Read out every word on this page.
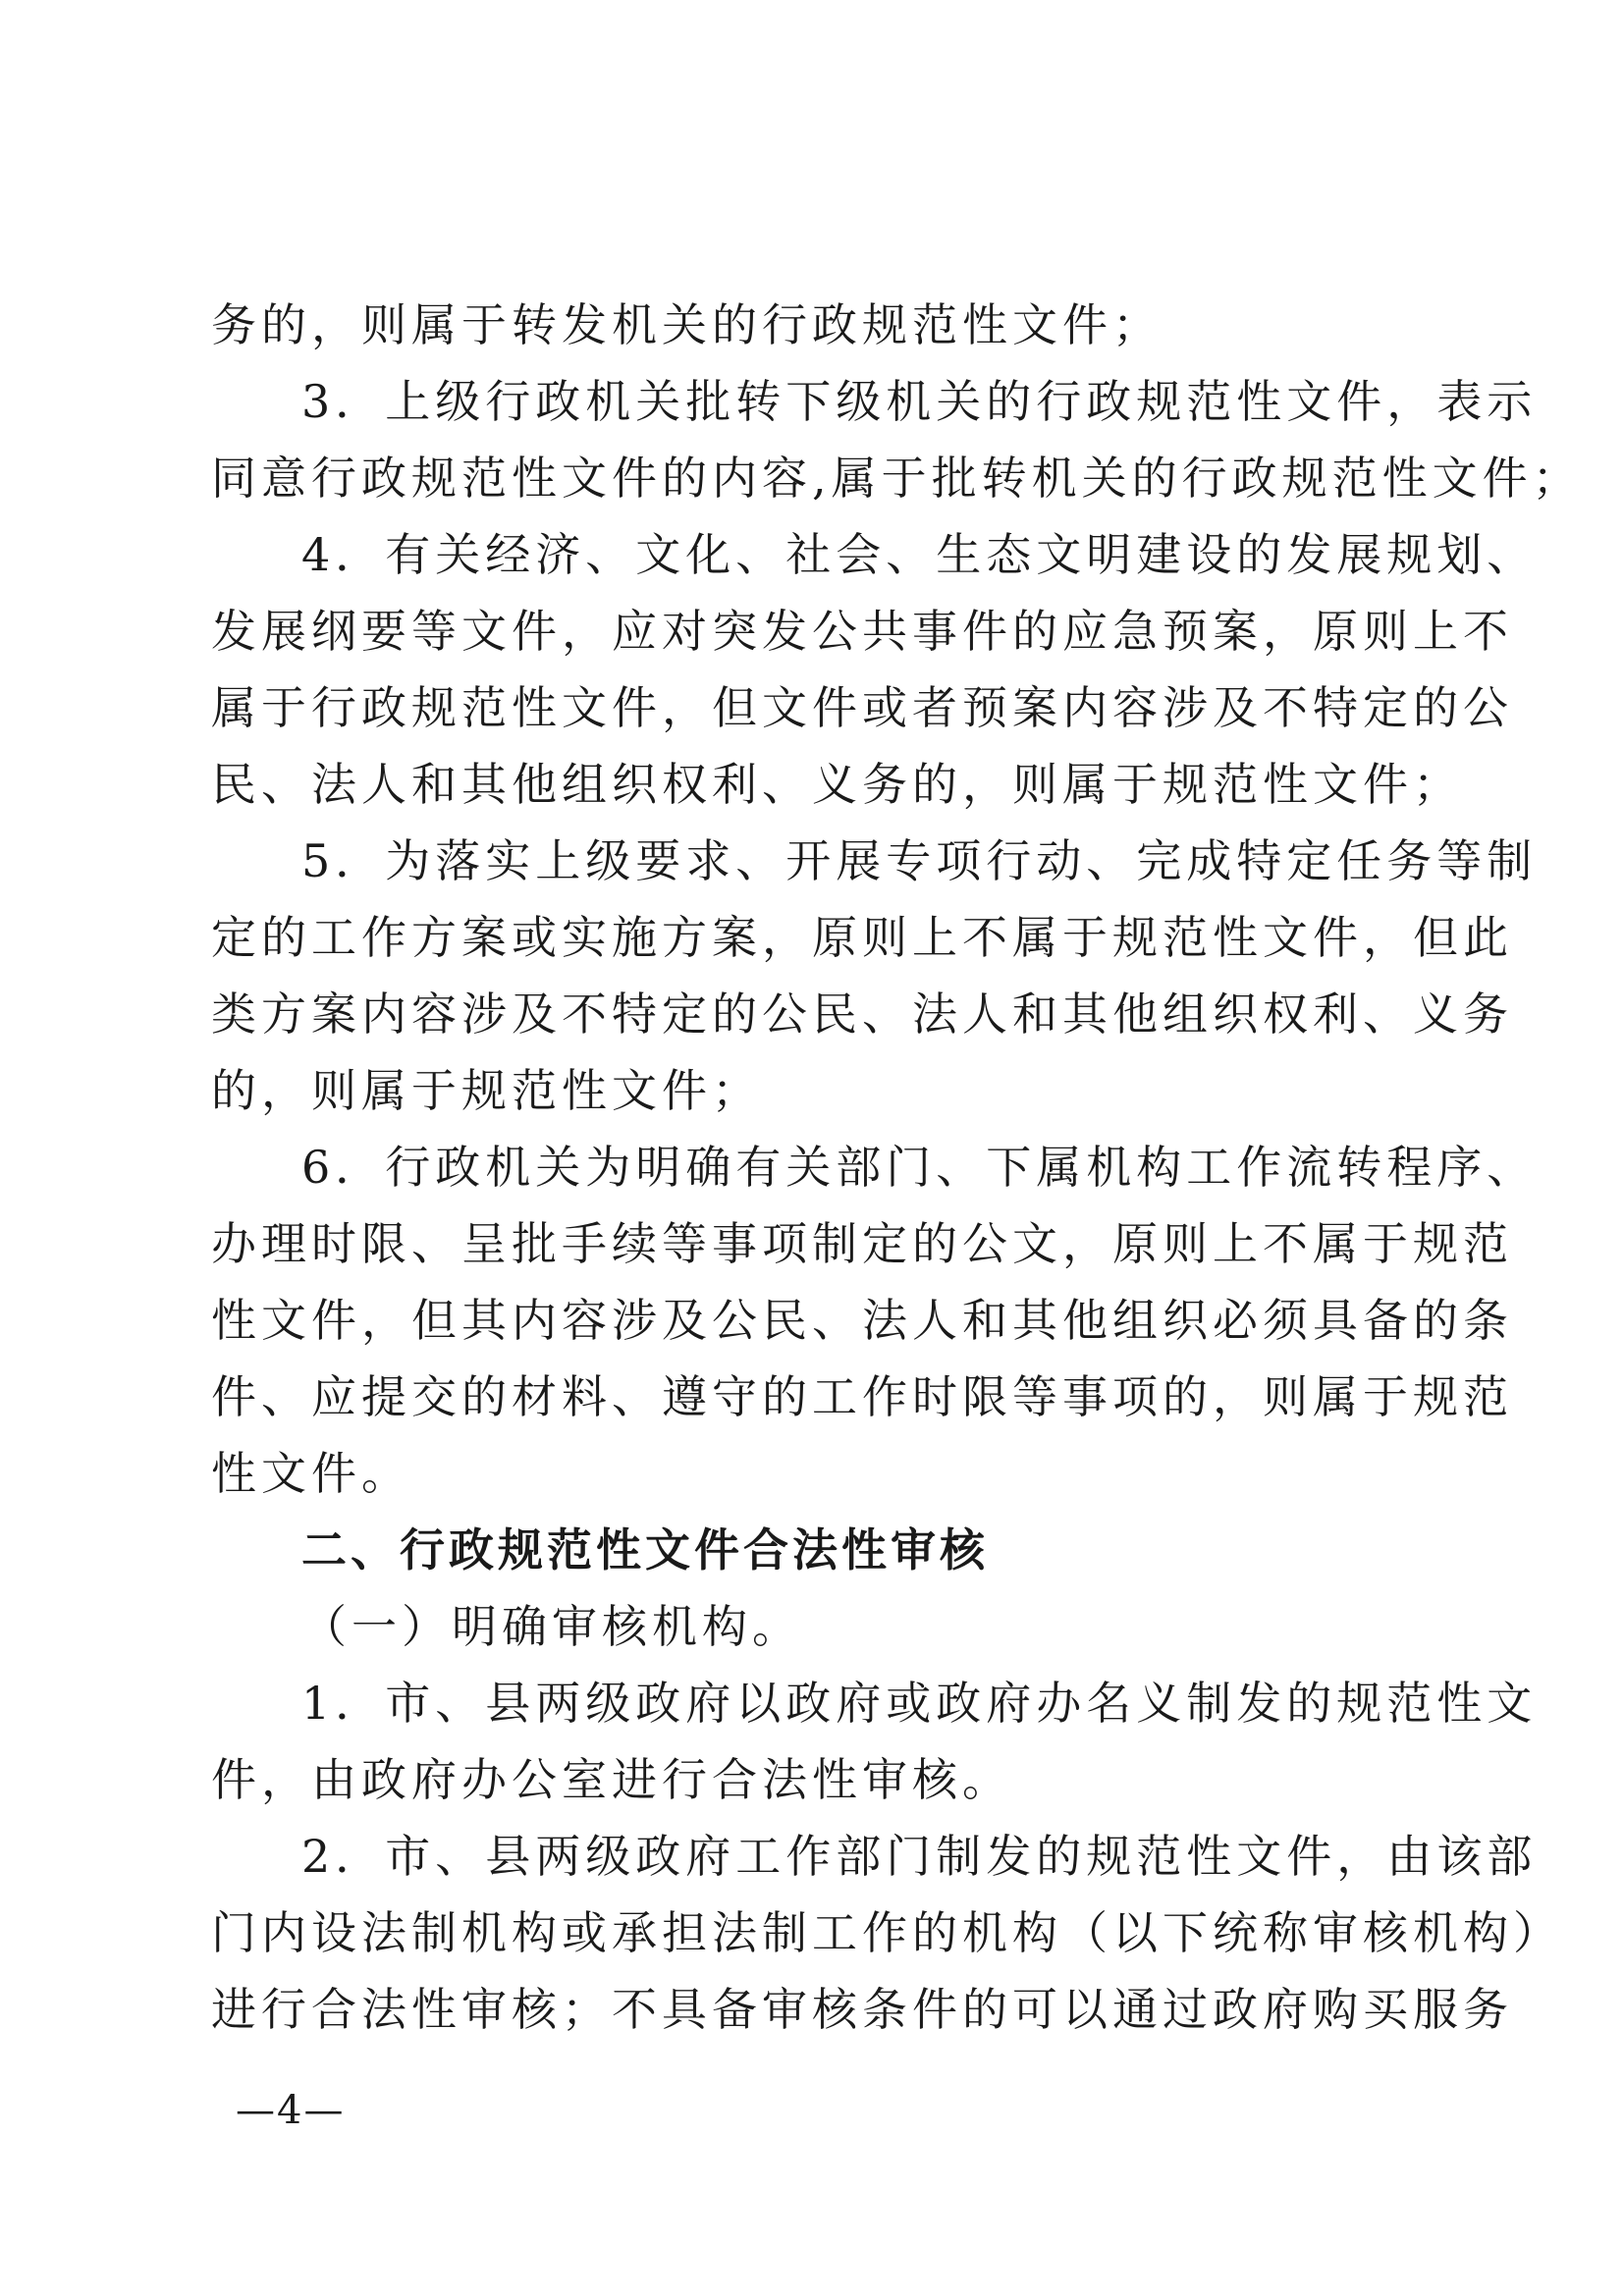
务的，则属于转发机关的行政规范性文件；
3．上级行政机关批转下级机关的行政规范性文件，表示
同意行政规范性文件的内容,属于批转机关的行政规范性文件；
4．有关经济、文化、社会、生态文明建设的发展规划、
发展纲要等文件，应对突发公共事件的应急预案，原则上不
属于行政规范性文件，但文件或者预案内容涉及不特定的公
民、法人和其他组织权利、义务的，则属于规范性文件；
5．为落实上级要求、开展专项行动、完成特定任务等制
定的工作方案或实施方案，原则上不属于规范性文件，但此
类方案内容涉及不特定的公民、法人和其他组织权利、义务
的，则属于规范性文件；
6．行政机关为明确有关部门、下属机构工作流转程序、
办理时限、呈批手续等事项制定的公文，原则上不属于规范
性文件，但其内容涉及公民、法人和其他组织必须具备的条
件、应提交的材料、遵守的工作时限等事项的，则属于规范
性文件。
二、行政规范性文件合法性审核
（一）明确审核机构。
1．市、县两级政府以政府或政府办名义制发的规范性文
件，由政府办公室进行合法性审核。
2．市、县两级政府工作部门制发的规范性文件，由该部
门内设法制机构或承担法制工作的机构（以下统称审核机构）
进行合法性审核；不具备审核条件的可以通过政府购买服务
—4—
